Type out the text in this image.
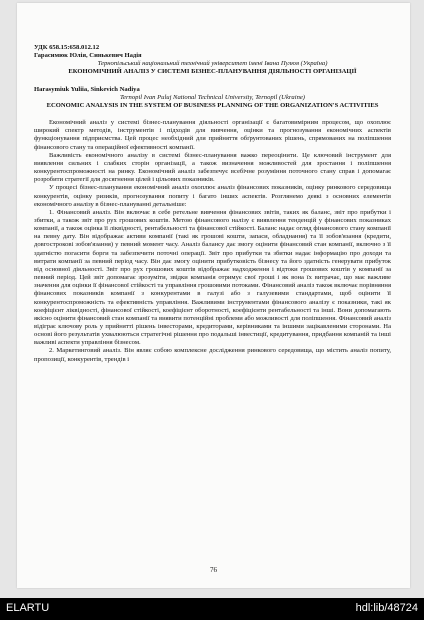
УДК 658.15:658.012.12

Гарасимюк Юлія, Синькевич Надія

Тернопільський національний технічний університет імені Івана Пулюя (Україна)

ЕКОНОМІЧНИЙ АНАЛІЗ У СИСТЕМІ БІЗНЕС-ПЛАНУВАННЯ ДІЯЛЬНОСТІ ОРГАНІЗАЦІЇ

Harasymiuk Yuliia, Sinkevich Nadiya

Ternopil Ivan Puluj National Technical University, Ternopil (Ukraine)

ECONOMIC ANALYSIS IN THE SYSTEM OF BUSINESS PLANNING OF THE ORGANIZATION'S ACTIVITIES

Економічний аналіз у системі бізнес-планування діяльності організації є багатовимірним процесом, що охоплює широкий спектр методів, інструментів і підходів для вивчення, оцінки та прогнозування економічних аспектів функціонування підприємства. Цей процес необхідний для прийняття обґрунтованих рішень, спрямованих на поліпшення фінансового стану та операційної ефективності компанії.

Важливість економічного аналізу в системі бізнес-планування важко переоцінити. Це ключовий інструмент для виявлення сильних і слабких сторін організації, а також визначення можливостей для зростання і поліпшення конкурентоспроможності на ринку. Економічний аналіз забезпечує всебічне розуміння поточного стану справ і допомагає розробити стратегії для досягнення цілей і цільових показників.

У процесі бізнес-планування економічний аналіз охоплює аналіз фінансових показників, оцінку ринкового середовища конкурентів, оцінку ризиків, прогнозування попиту і багато інших аспектів. Розглянемо деякі з основних елементів економічного аналізу в бізнес-плануванні детальніше:

1. Фінансовий аналіз. Він включає в себе ретельне вивчення фінансових звітів, таких як баланс, звіт про прибутки і збитки, а також звіт про рух грошових коштів. Метою фінансового налізу є виявлення тенденцій у фінансових показниках компанії, а також оцінка її ліквідності, рентабельності та фінансової стійкості. Баланс надає огляд фінансового стану компанії на певну дату. Він відображає активи компанії (такі як грошові кошти, запаси, обладнання) та її зобов'язання (кредити, довгострокові зобов'язання) у певний момент часу. Аналіз балансу дає змогу оцінити фінансовий стан компанії, включно з її здатністю погасити борги та забезпечити поточні операції. Звіт про прибутки та збитки надає інформацію про доходи та витрати компанії за певний період часу. Він дає змогу оцінити прибутковість бізнесу та його здатність генерувати прибуток від основної діяльності. Звіт про рух грошових коштів відображає надходження і відтоки грошових коштів у компанії за певний період. Цей звіт допомагає зрозуміти, звідки компанія отримує свої гроші і як вона їх витрачає, що має важливе значення для оцінки її фінансової стійкості та управління грошовими потоками. Фінансовий аналіз також включає порівняння фінансових показників компанії з конкурентами в галузі або з галузевими стандартами, щоб оцінити її конкурентоспроможність та ефективність управління. Важливими інструментами фінансового аналізу є показники, такі як коефіцієнт ліквідності, фінансової стійкості, коефіцієнт оборотності, коефіцієнти рентабельності та інші. Вони допомагають якісно оцінити фінансовий стан компанії та виявити потенційні проблеми або можливості для поліпшення. Фінансовий аналіз відіграє ключову роль у прийнятті рішень інвесторами, кредиторами, керівниками та іншими зацікавленими сторонами. На основі його результатів ухвалюються стратегічні рішення про подальші інвестиції, кредитування, придбання компаній та інші важливі аспекти управління бізнесом.

2. Маркетинговий аналіз. Він являє собою комплексне дослідження ринкового середовища, що містить аналіз попиту, пропозиції, конкурентів, трендів і

76
ELARTU	hdl:lib/48724
